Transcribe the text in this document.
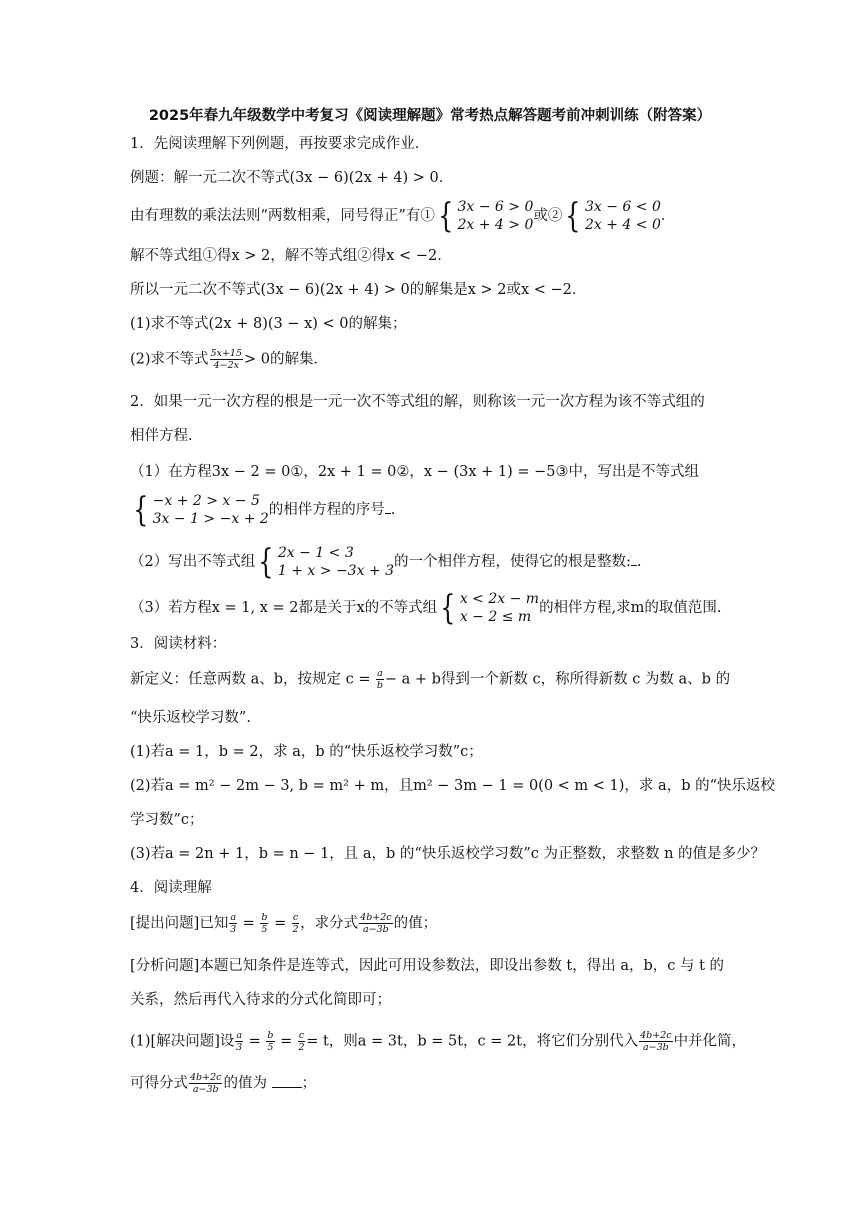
2025年春九年级数学中考复习《阅读理解题》常考热点解答题考前冲刺训练（附答案）
1．先阅读理解下列例题，再按要求完成作业．
例题：解一元二次不等式(3x − 6)(2x + 4) > 0．
由有理数的乘法法则“两数相乘，同号得正”有① { 3x − 6 > 0
2x + 4 > 0
或② { 3x − 6 < 0
2x + 4 < 0
．
解不等式组①得x > 2，解不等式组②得x < −2．
所以一元二次不等式(3x − 6)(2x + 4) > 0的解集是x > 2或x < −2．
(1)求不等式(2x + 8)(3 − x) < 0的解集；
(2)求不等式 $\frac{5x+15}{4-2x} > 0$的解集．
2．如果一元一次方程的根是一元一次不等式组的解，则称该一元一次方程为该不等式组的
相伴方程.
（1）在方程3x − 2 = 0①，2x + 1 = 0②，x − (3x + 1) = −5③中，写出是不等式组
{ −x + 2 > x − 5
3x − 1 > −x + 2
的相伴方程的序号 .
（2）写出不等式组 { 2x − 1 < 3
1 + x > −3x + 3
的一个相伴方程，使得它的根是整数: .
（3）若方程x = 1, x = 2都是关于x的不等式组 { x < 2x − m
x − 2 ≤ m
的相伴方程,求m的取值范围.
3．阅读材料：
新定义：任意两数 a、b，按规定 $c = \frac{a}{b} - a + b$得到一个新数 c，称所得新数 c 为数 a、b 的
“快乐返校学习数”.
(1)若a = 1，b = 2，求 a，b 的“快乐返校学习数”c；
(2)若a = m² − 2m − 3, b = m² + m，且m² − 3m − 1 = 0(0 < m < 1)，求 a，b 的“快乐返校
学习数”c；
(3)若a = 2n + 1，b = n − 1，且 a，b 的“快乐返校学习数”c 为正整数，求整数 n 的值是多少？
4．阅读理解
[提出问题]已知 $\frac{a}{3} = \frac{b}{5} = \frac{c}{2}$ ，求分式 $\frac{4b+2c}{a-3b}$ 的值；
[分析问题]本题已知条件是连等式，因此可用设参数法，即设出参数 t，得出 a，b，c 与 t 的
关系，然后再代入待求的分式化简即可；
(1)[解决问题]设 $\frac{a}{3} = \frac{b}{5} = \frac{c}{2} = t$，则a = 3t，b = 5t，c = 2t，将它们分别代入 $\frac{4b+2c}{a-3b}$ 中并化简，
可得分式 $\frac{4b+2c}{a-3b}$ 的值为 ；
